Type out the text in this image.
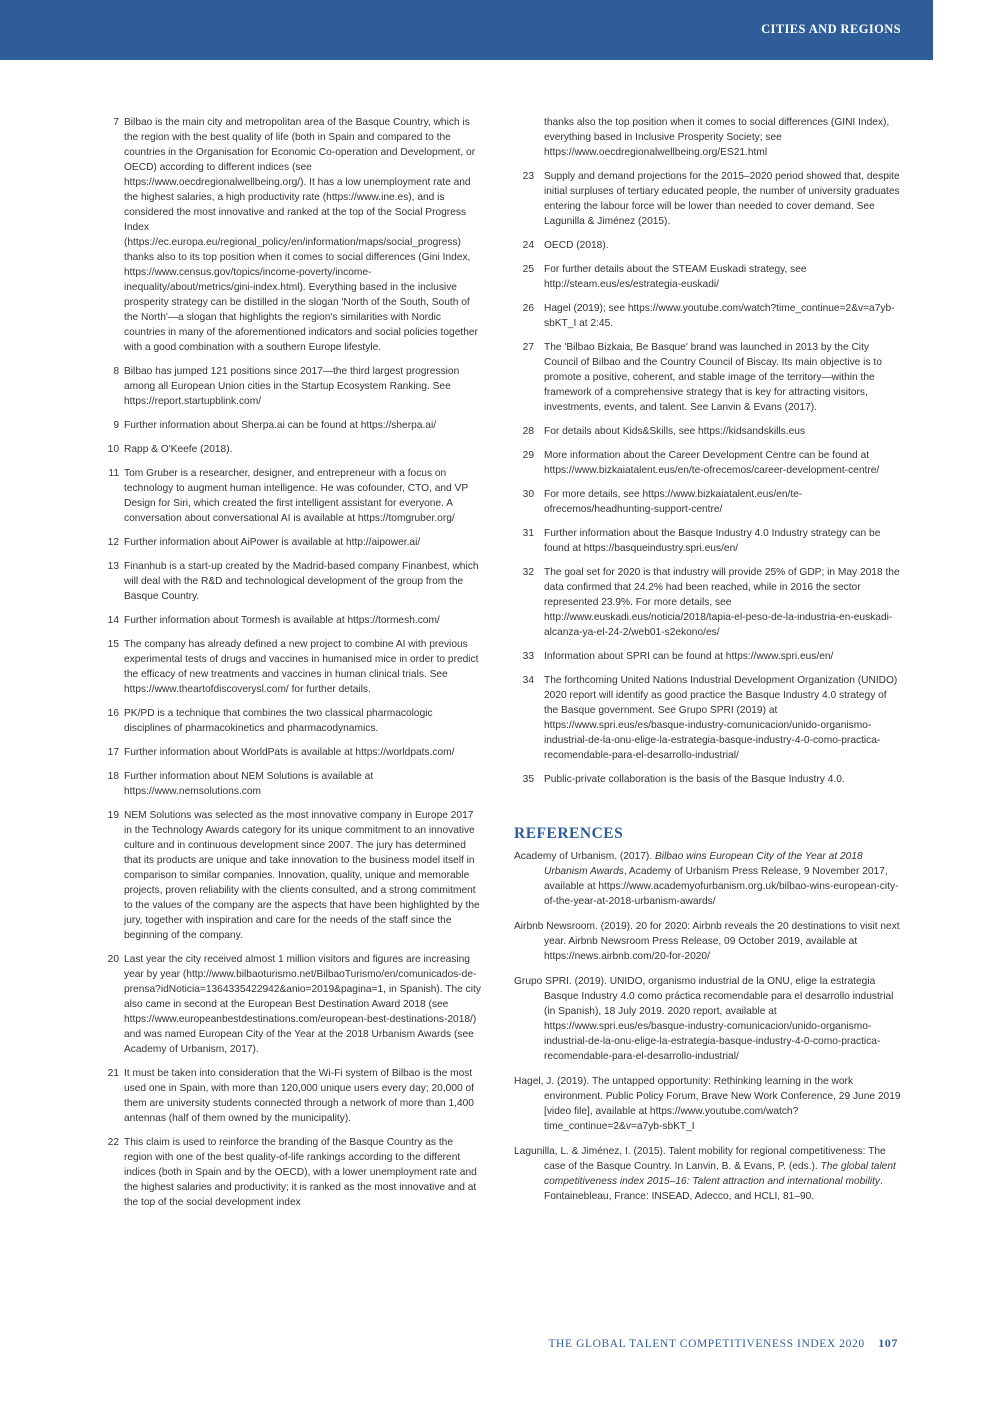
CITIES AND REGIONS
7 Bilbao is the main city and metropolitan area of the Basque Country, which is the region with the best quality of life (both in Spain and compared to the countries in the Organisation for Economic Co-operation and Development, or OECD) according to different indices (see https://www.oecdregionalwellbeing.org/). It has a low unemployment rate and the highest salaries, a high productivity rate (https://www.ine.es), and is considered the most innovative and ranked at the top of the Social Progress Index (https://ec.europa.eu/regional_policy/en/information/maps/social_progress) thanks also to its top position when it comes to social differences (Gini Index, https://www.census.gov/topics/income-poverty/income-inequality/about/metrics/gini-index.html). Everything based in the inclusive prosperity strategy can be distilled in the slogan 'North of the South, South of the North'—a slogan that highlights the region's similarities with Nordic countries in many of the aforementioned indicators and social policies together with a good combination with a southern Europe lifestyle.
8 Bilbao has jumped 121 positions since 2017—the third largest progression among all European Union cities in the Startup Ecosystem Ranking. See https://report.startupblink.com/
9 Further information about Sherpa.ai can be found at https://sherpa.ai/
10 Rapp & O'Keefe (2018).
11 Tom Gruber is a researcher, designer, and entrepreneur with a focus on technology to augment human intelligence. He was cofounder, CTO, and VP Design for Siri, which created the first intelligent assistant for everyone. A conversation about conversational AI is available at https://tomgruber.org/
12 Further information about AiPower is available at http://aipower.ai/
13 Finanhub is a start-up created by the Madrid-based company Finanbest, which will deal with the R&D and technological development of the group from the Basque Country.
14 Further information about Tormesh is available at https://tormesh.com/
15 The company has already defined a new project to combine AI with previous experimental tests of drugs and vaccines in humanised mice in order to predict the efficacy of new treatments and vaccines in human clinical trials. See https://www.theartofdiscoverysl.com/ for further details.
16 PK/PD is a technique that combines the two classical pharmacologic disciplines of pharmacokinetics and pharmacodynamics.
17 Further information about WorldPats is available at https://worldpats.com/
18 Further information about NEM Solutions is available at https://www.nemsolutions.com
19 NEM Solutions was selected as the most innovative company in Europe 2017 in the Technology Awards category for its unique commitment to an innovative culture and in continuous development since 2007. The jury has determined that its products are unique and take innovation to the business model itself in comparison to similar companies. Innovation, quality, unique and memorable projects, proven reliability with the clients consulted, and a strong commitment to the values of the company are the aspects that have been highlighted by the jury, together with inspiration and care for the needs of the staff since the beginning of the company.
20 Last year the city received almost 1 million visitors and figures are increasing year by year (http://www.bilbaoturismo.net/BilbaoTurismo/en/comunicados-de-prensa?idNoticia=1364335422942&anio=2019&pagina=1, in Spanish). The city also came in second at the European Best Destination Award 2018 (see https://www.europeanbestdestinations.com/european-best-destinations-2018/) and was named European City of the Year at the 2018 Urbanism Awards (see Academy of Urbanism, 2017).
21 It must be taken into consideration that the Wi-Fi system of Bilbao is the most used one in Spain, with more than 120,000 unique users every day; 20,000 of them are university students connected through a network of more than 1,400 antennas (half of them owned by the municipality).
22 This claim is used to reinforce the branding of the Basque Country as the region with one of the best quality-of-life rankings according to the different indices (both in Spain and by the OECD), with a lower unemployment rate and the highest salaries and productivity; it is ranked as the most innovative and at the top of the social development index
thanks also the top position when it comes to social differences (GINI Index), everything based in Inclusive Prosperity Society; see https://www.oecdregionalwellbeing.org/ES21.html
23 Supply and demand projections for the 2015–2020 period showed that, despite initial surpluses of tertiary educated people, the number of university graduates entering the labour force will be lower than needed to cover demand. See Lagunilla & Jiménez (2015).
24 OECD (2018).
25 For further details about the STEAM Euskadi strategy, see http://steam.eus/es/estrategia-euskadi/
26 Hagel (2019); see https://www.youtube.com/watch?time_continue=2&v=a7yb-sbKT_I at 2:45.
27 The 'Bilbao Bizkaia, Be Basque' brand was launched in 2013 by the City Council of Bilbao and the Country Council of Biscay. Its main objective is to promote a positive, coherent, and stable image of the territory—within the framework of a comprehensive strategy that is key for attracting visitors, investments, events, and talent. See Lanvin & Evans (2017).
28 For details about Kids&Skills, see https://kidsandskills.eus
29 More information about the Career Development Centre can be found at https://www.bizkaiatalent.eus/en/te-ofrecemos/career-development-centre/
30 For more details, see https://www.bizkaiatalent.eus/en/te-ofrecemos/headhunting-support-centre/
31 Further information about the Basque Industry 4.0 Industry strategy can be found at https://basqueindustry.spri.eus/en/
32 The goal set for 2020 is that industry will provide 25% of GDP; in May 2018 the data confirmed that 24.2% had been reached, while in 2016 the sector represented 23.9%. For more details, see http://www.euskadi.eus/noticia/2018/tapia-el-peso-de-la-industria-en-euskadi-alcanza-ya-el-24-2/web01-s2ekono/es/
33 Information about SPRI can be found at https://www.spri.eus/en/
34 The forthcoming United Nations Industrial Development Organization (UNIDO) 2020 report will identify as good practice the Basque Industry 4.0 strategy of the Basque government. See Grupo SPRI (2019) at https://www.spri.eus/es/basque-industry-comunicacion/unido-organismo-industrial-de-la-onu-elige-la-estrategia-basque-industry-4-0-como-practica-recomendable-para-el-desarrollo-industrial/
35 Public-private collaboration is the basis of the Basque Industry 4.0.
REFERENCES
Academy of Urbanism. (2017). Bilbao wins European City of the Year at 2018 Urbanism Awards, Academy of Urbanism Press Release, 9 November 2017, available at https://www.academyofurbanism.org.uk/bilbao-wins-european-city-of-the-year-at-2018-urbanism-awards/
Airbnb Newsroom. (2019). 20 for 2020: Airbnb reveals the 20 destinations to visit next year. Airbnb Newsroom Press Release, 09 October 2019, available at https://news.airbnb.com/20-for-2020/
Grupo SPRI. (2019). UNIDO, organismo industrial de la ONU, elige la estrategia Basque Industry 4.0 como práctica recomendable para el desarrollo industrial (in Spanish), 18 July 2019. 2020 report, available at https://www.spri.eus/es/basque-industry-comunicacion/unido-organismo-industrial-de-la-onu-elige-la-estrategia-basque-industry-4-0-como-practica-recomendable-para-el-desarrollo-industrial/
Hagel, J. (2019). The untapped opportunity: Rethinking learning in the work environment. Public Policy Forum, Brave New Work Conference, 29 June 2019 [video file], available at https://www.youtube.com/watch?time_continue=2&v=a7yb-sbKT_I
Lagunilla, L. & Jiménez, I. (2015). Talent mobility for regional competitiveness: The case of the Basque Country. In Lanvin, B. & Evans, P. (eds.). The global talent competitiveness index 2015–16: Talent attraction and international mobility. Fontainebleau, France: INSEAD, Adecco, and HCLI, 81–90.
THE GLOBAL TALENT COMPETITIVENESS INDEX 2020 107
